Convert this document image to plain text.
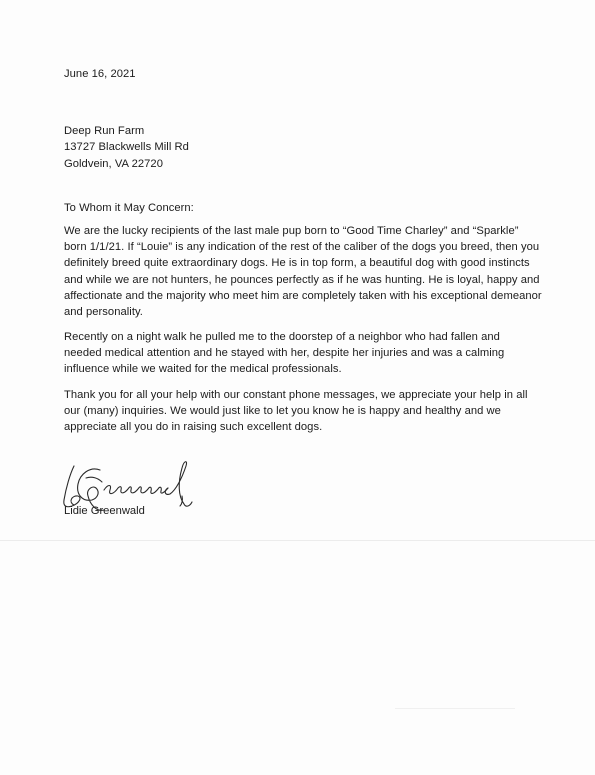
June 16, 2021
Deep Run Farm
13727 Blackwells Mill Rd
Goldvein, VA 22720
To Whom it May Concern:
We are the lucky recipients of the last male pup born to “Good Time Charley” and “Sparkle” born 1/1/21. If “Louie” is any indication of the rest of the caliber of the dogs you breed, then you definitely breed quite extraordinary dogs. He is in top form, a beautiful dog with good instincts and while we are not hunters, he pounces perfectly as if he was hunting. He is loyal, happy and affectionate and the majority who meet him are completely taken with his exceptional demeanor and personality.
Recently on a night walk he pulled me to the doorstep of a neighbor who had fallen and needed medical attention and he stayed with her, despite her injuries and was a calming influence while we waited for the medical professionals.
Thank you for all your help with our constant phone messages, we appreciate your help in all our (many) inquiries. We would just like to let you know he is happy and healthy and we appreciate all you do in raising such excellent dogs.
Lidie Greenwald
